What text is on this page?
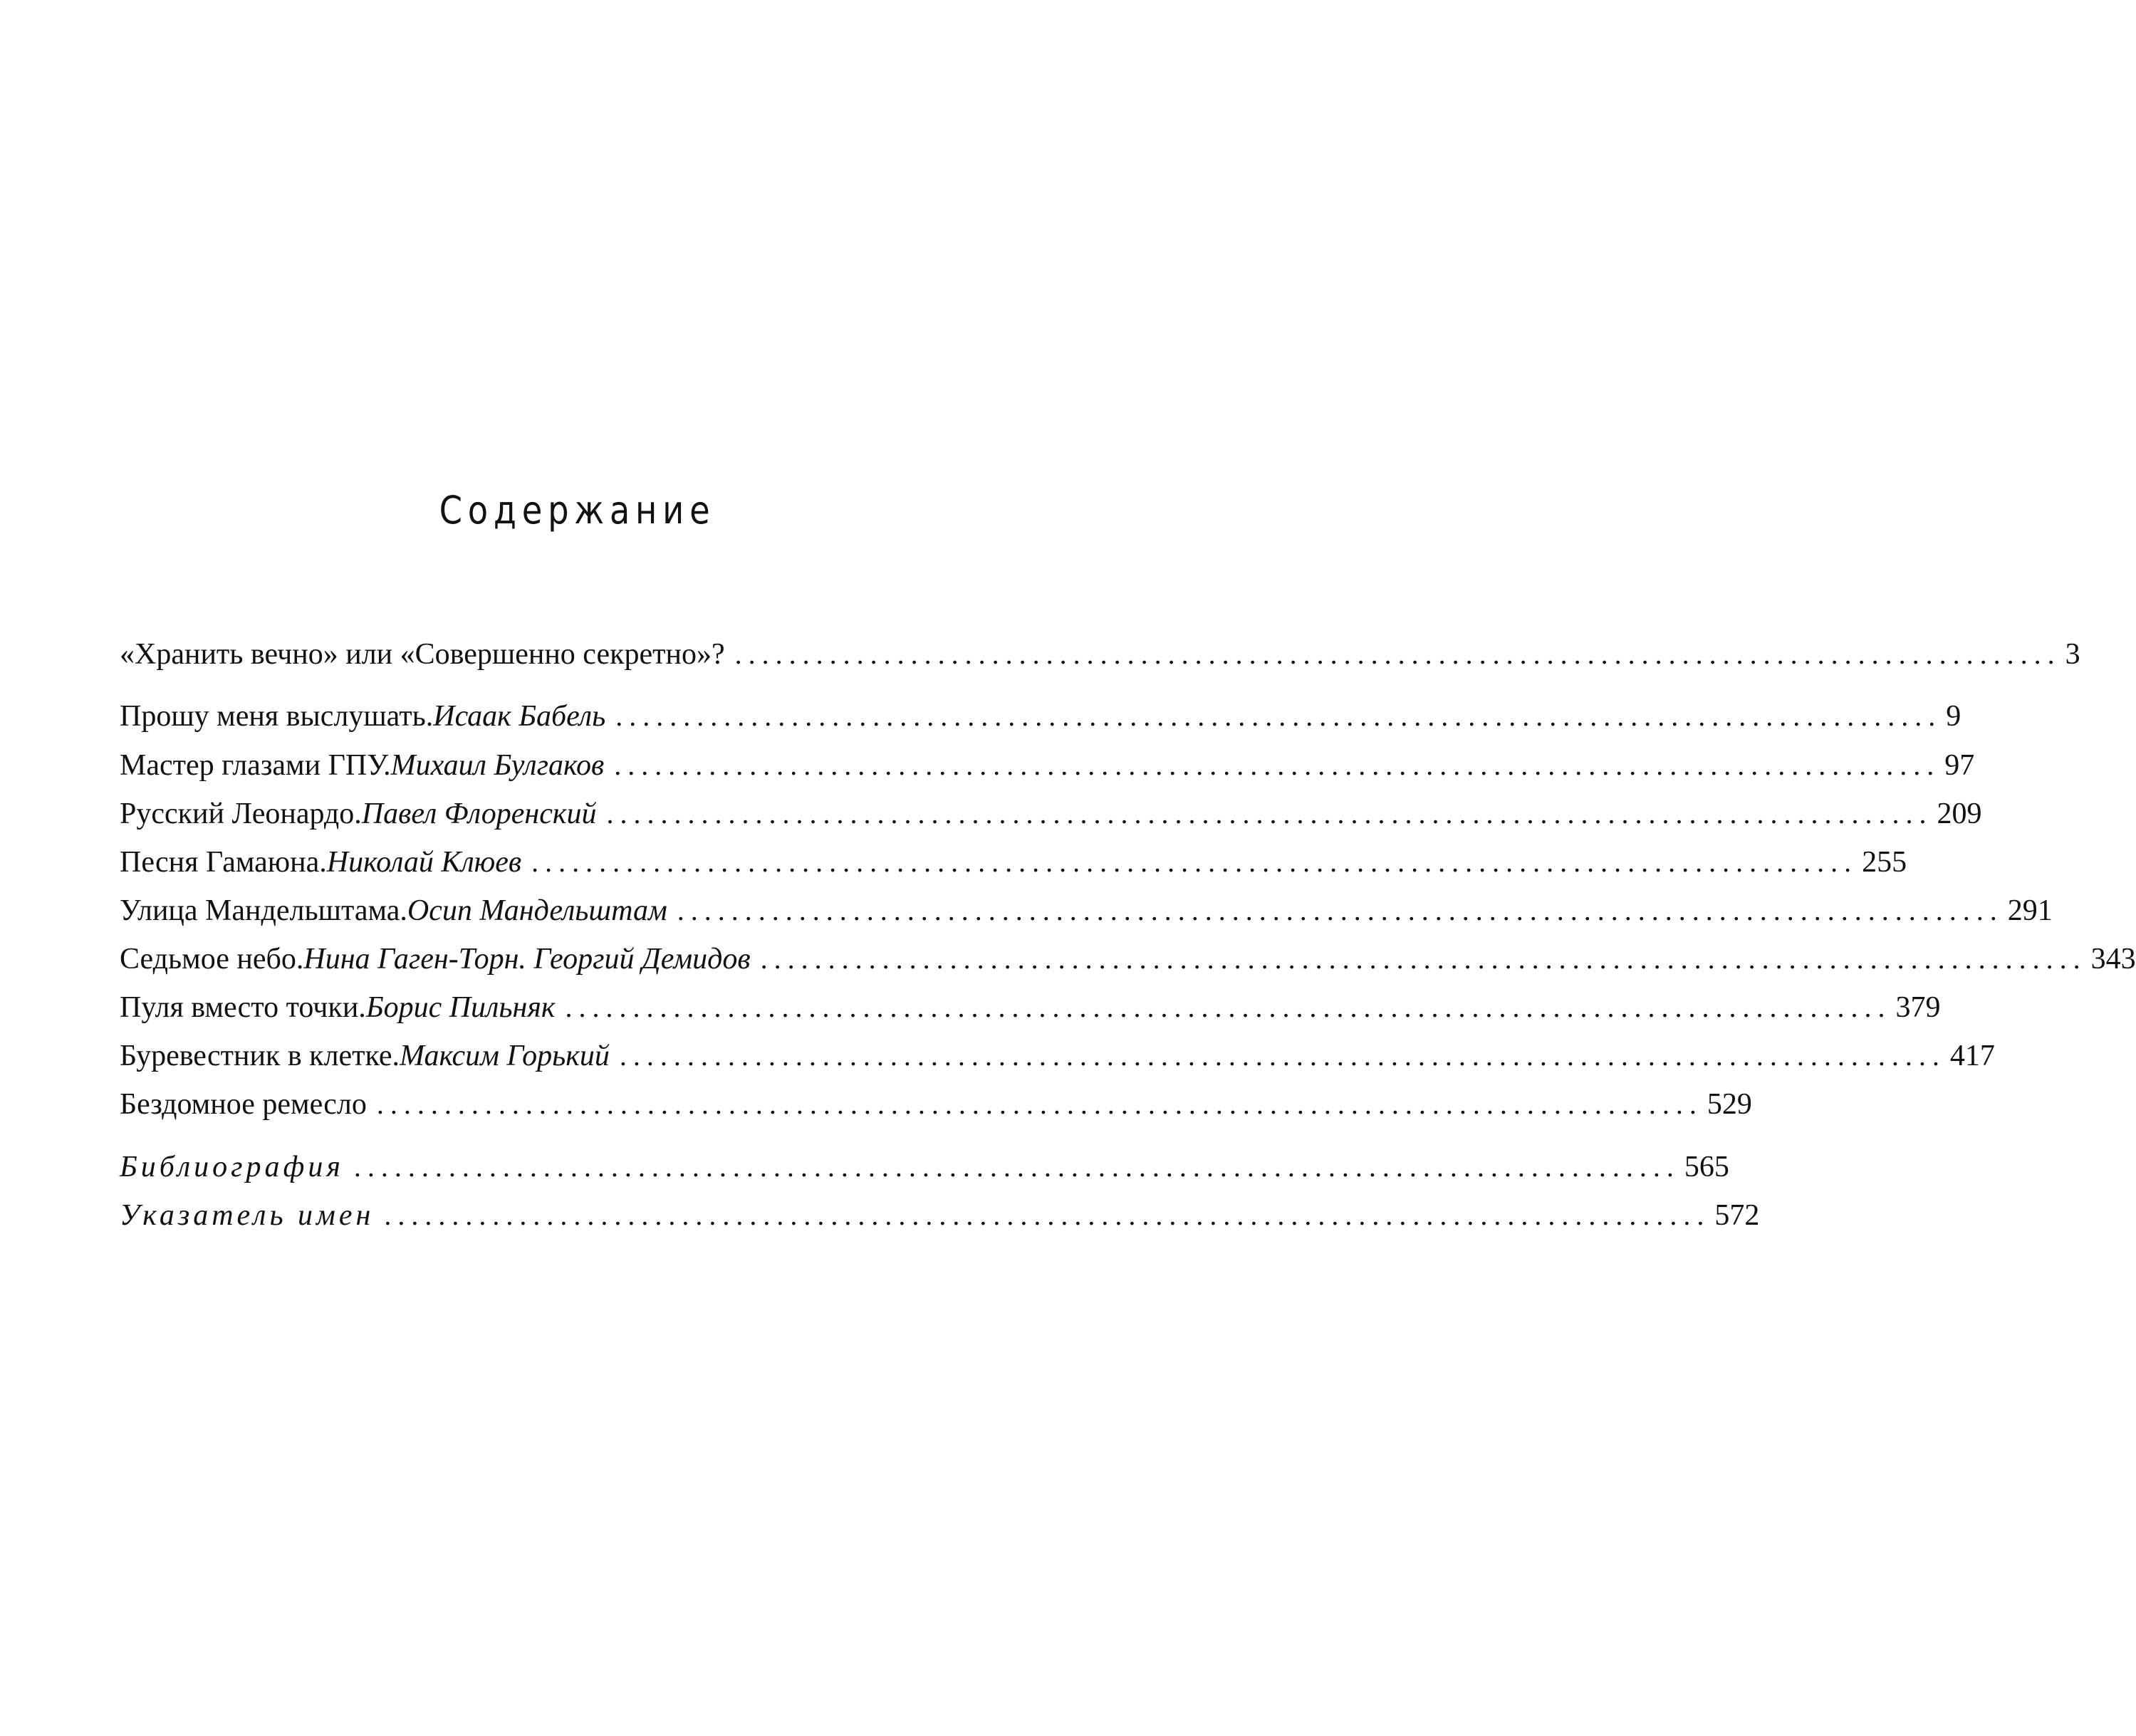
Содержание
«Хранить вечно» или «Совершенно секретно»? .................................................................................................. 3
Прошу меня выслушать. Исаак Бабель .................................................................................................. 9
Мастер глазами ГПУ. Михаил Булгаков .................................................................................................. 97
Русский Леонардо. Павел Флоренский .................................................................................................. 209
Песня Гамаюна. Николай Клюев .................................................................................................. 255
Улица Мандельштама. Осип Мандельштам .................................................................................................. 291
Седьмое небо. Нина Гаген-Торн. Георгий Демидов .................................................................................................. 343
Пуля вместо точки. Борис Пильняк .................................................................................................. 379
Буревестник в клетке. Максим Горький .................................................................................................. 417
Бездомное ремесло .................................................................................................. 529
Библиография .................................................................................................. 565
Указатель имен .................................................................................................. 572
